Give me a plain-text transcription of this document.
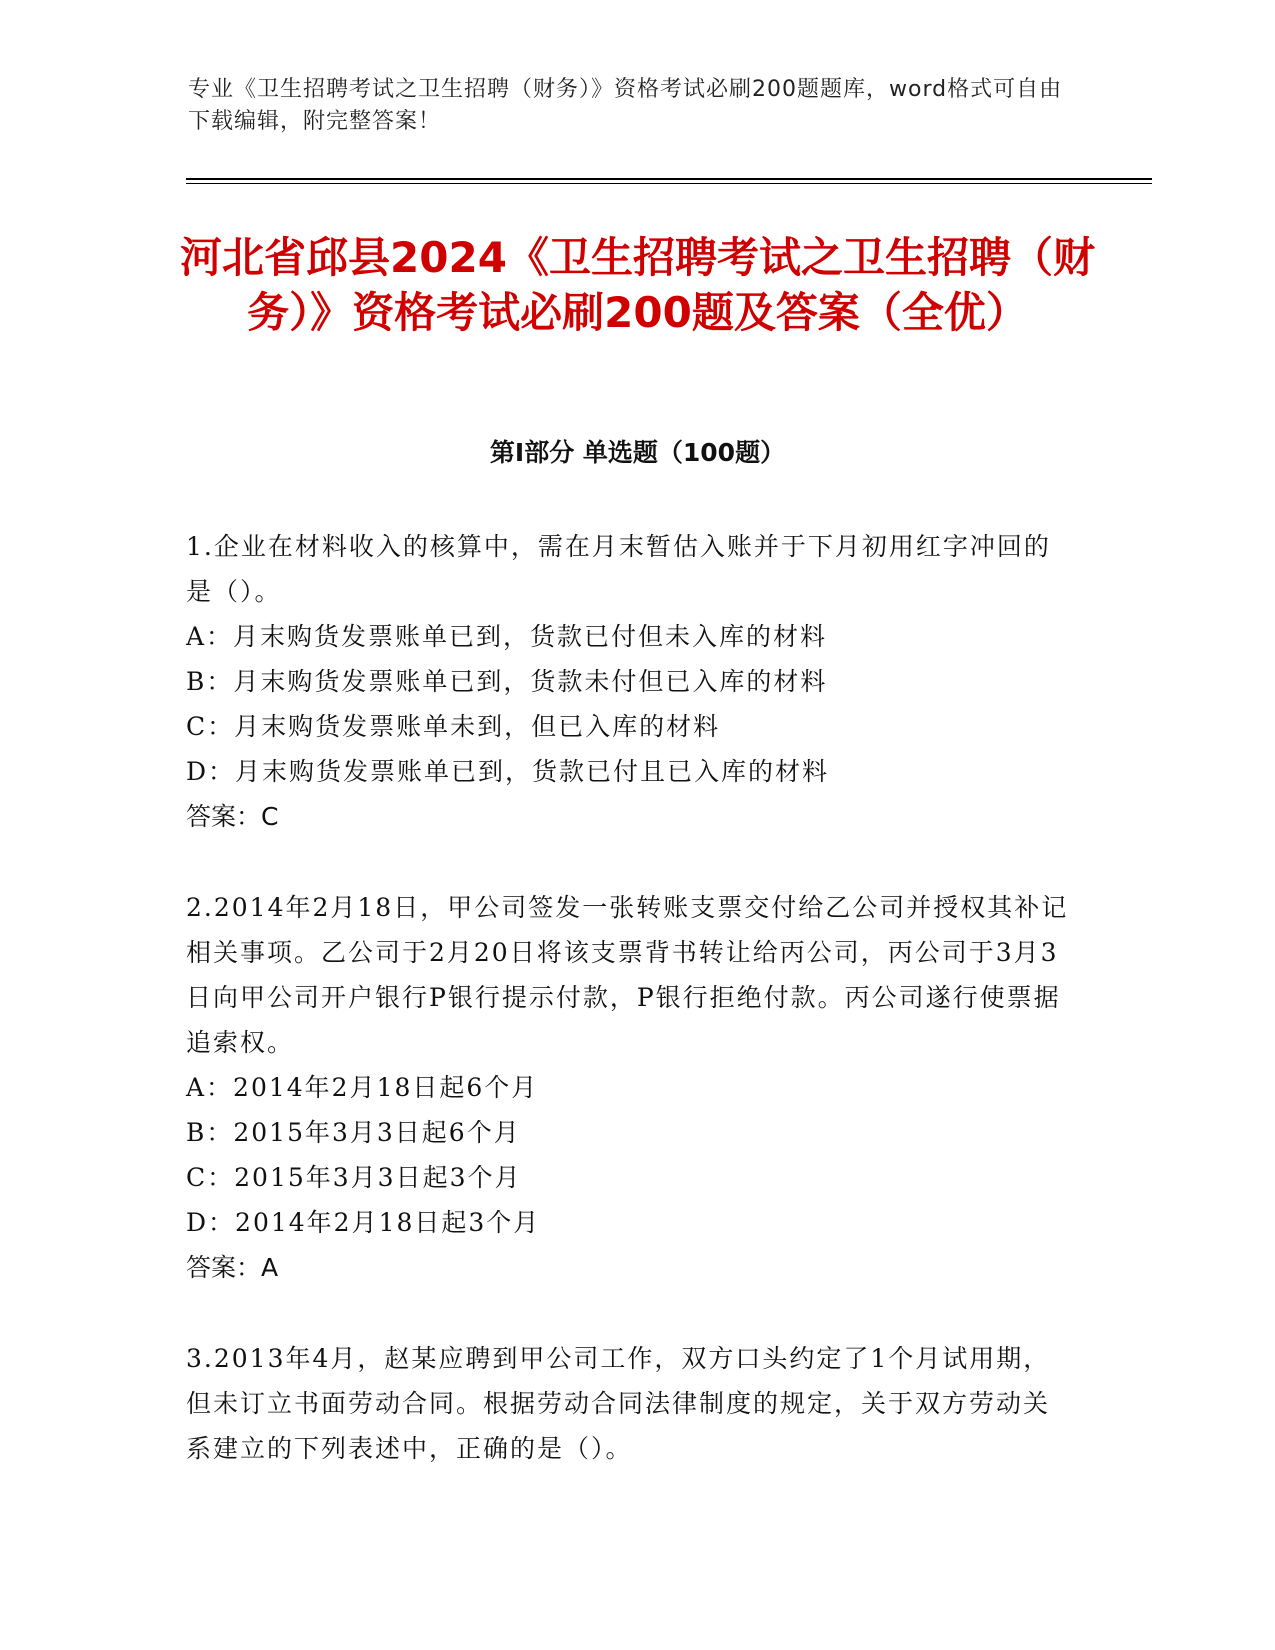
专业《卫生招聘考试之卫生招聘（财务）》资格考试必刷200题题库，word格式可自由下载编辑，附完整答案！
河北省邱县2024《卫生招聘考试之卫生招聘（财务）》资格考试必刷200题及答案（全优）
第I部分 单选题（100题）

1.企业在材料收入的核算中，需在月末暂估入账并于下月初用红字冲回的是（）。

A：月末购货发票账单已到，货款已付但未入库的材料
B：月末购货发票账单已到，货款未付但已入库的材料
C：月末购货发票账单未到，但已入库的材料
D：月末购货发票账单已到，货款已付且已入库的材料

答案：C

2.2014年2月18日，甲公司签发一张转账支票交付给乙公司并授权其补记相关事项。乙公司于2月20日将该支票背书转让给丙公司，丙公司于3月3日向甲公司开户银行P银行提示付款，P银行拒绝付款。丙公司遂行使票据追索权。

A：2014年2月18日起6个月
B：2015年3月3日起6个月
C：2015年3月3日起3个月
D：2014年2月18日起3个月

答案：A

3.2013年4月，赵某应聘到甲公司工作，双方口头约定了1个月试用期，但未订立书面劳动合同。根据劳动合同法律制度的规定，关于双方劳动关系建立的下列表述中，正确的是（）。
